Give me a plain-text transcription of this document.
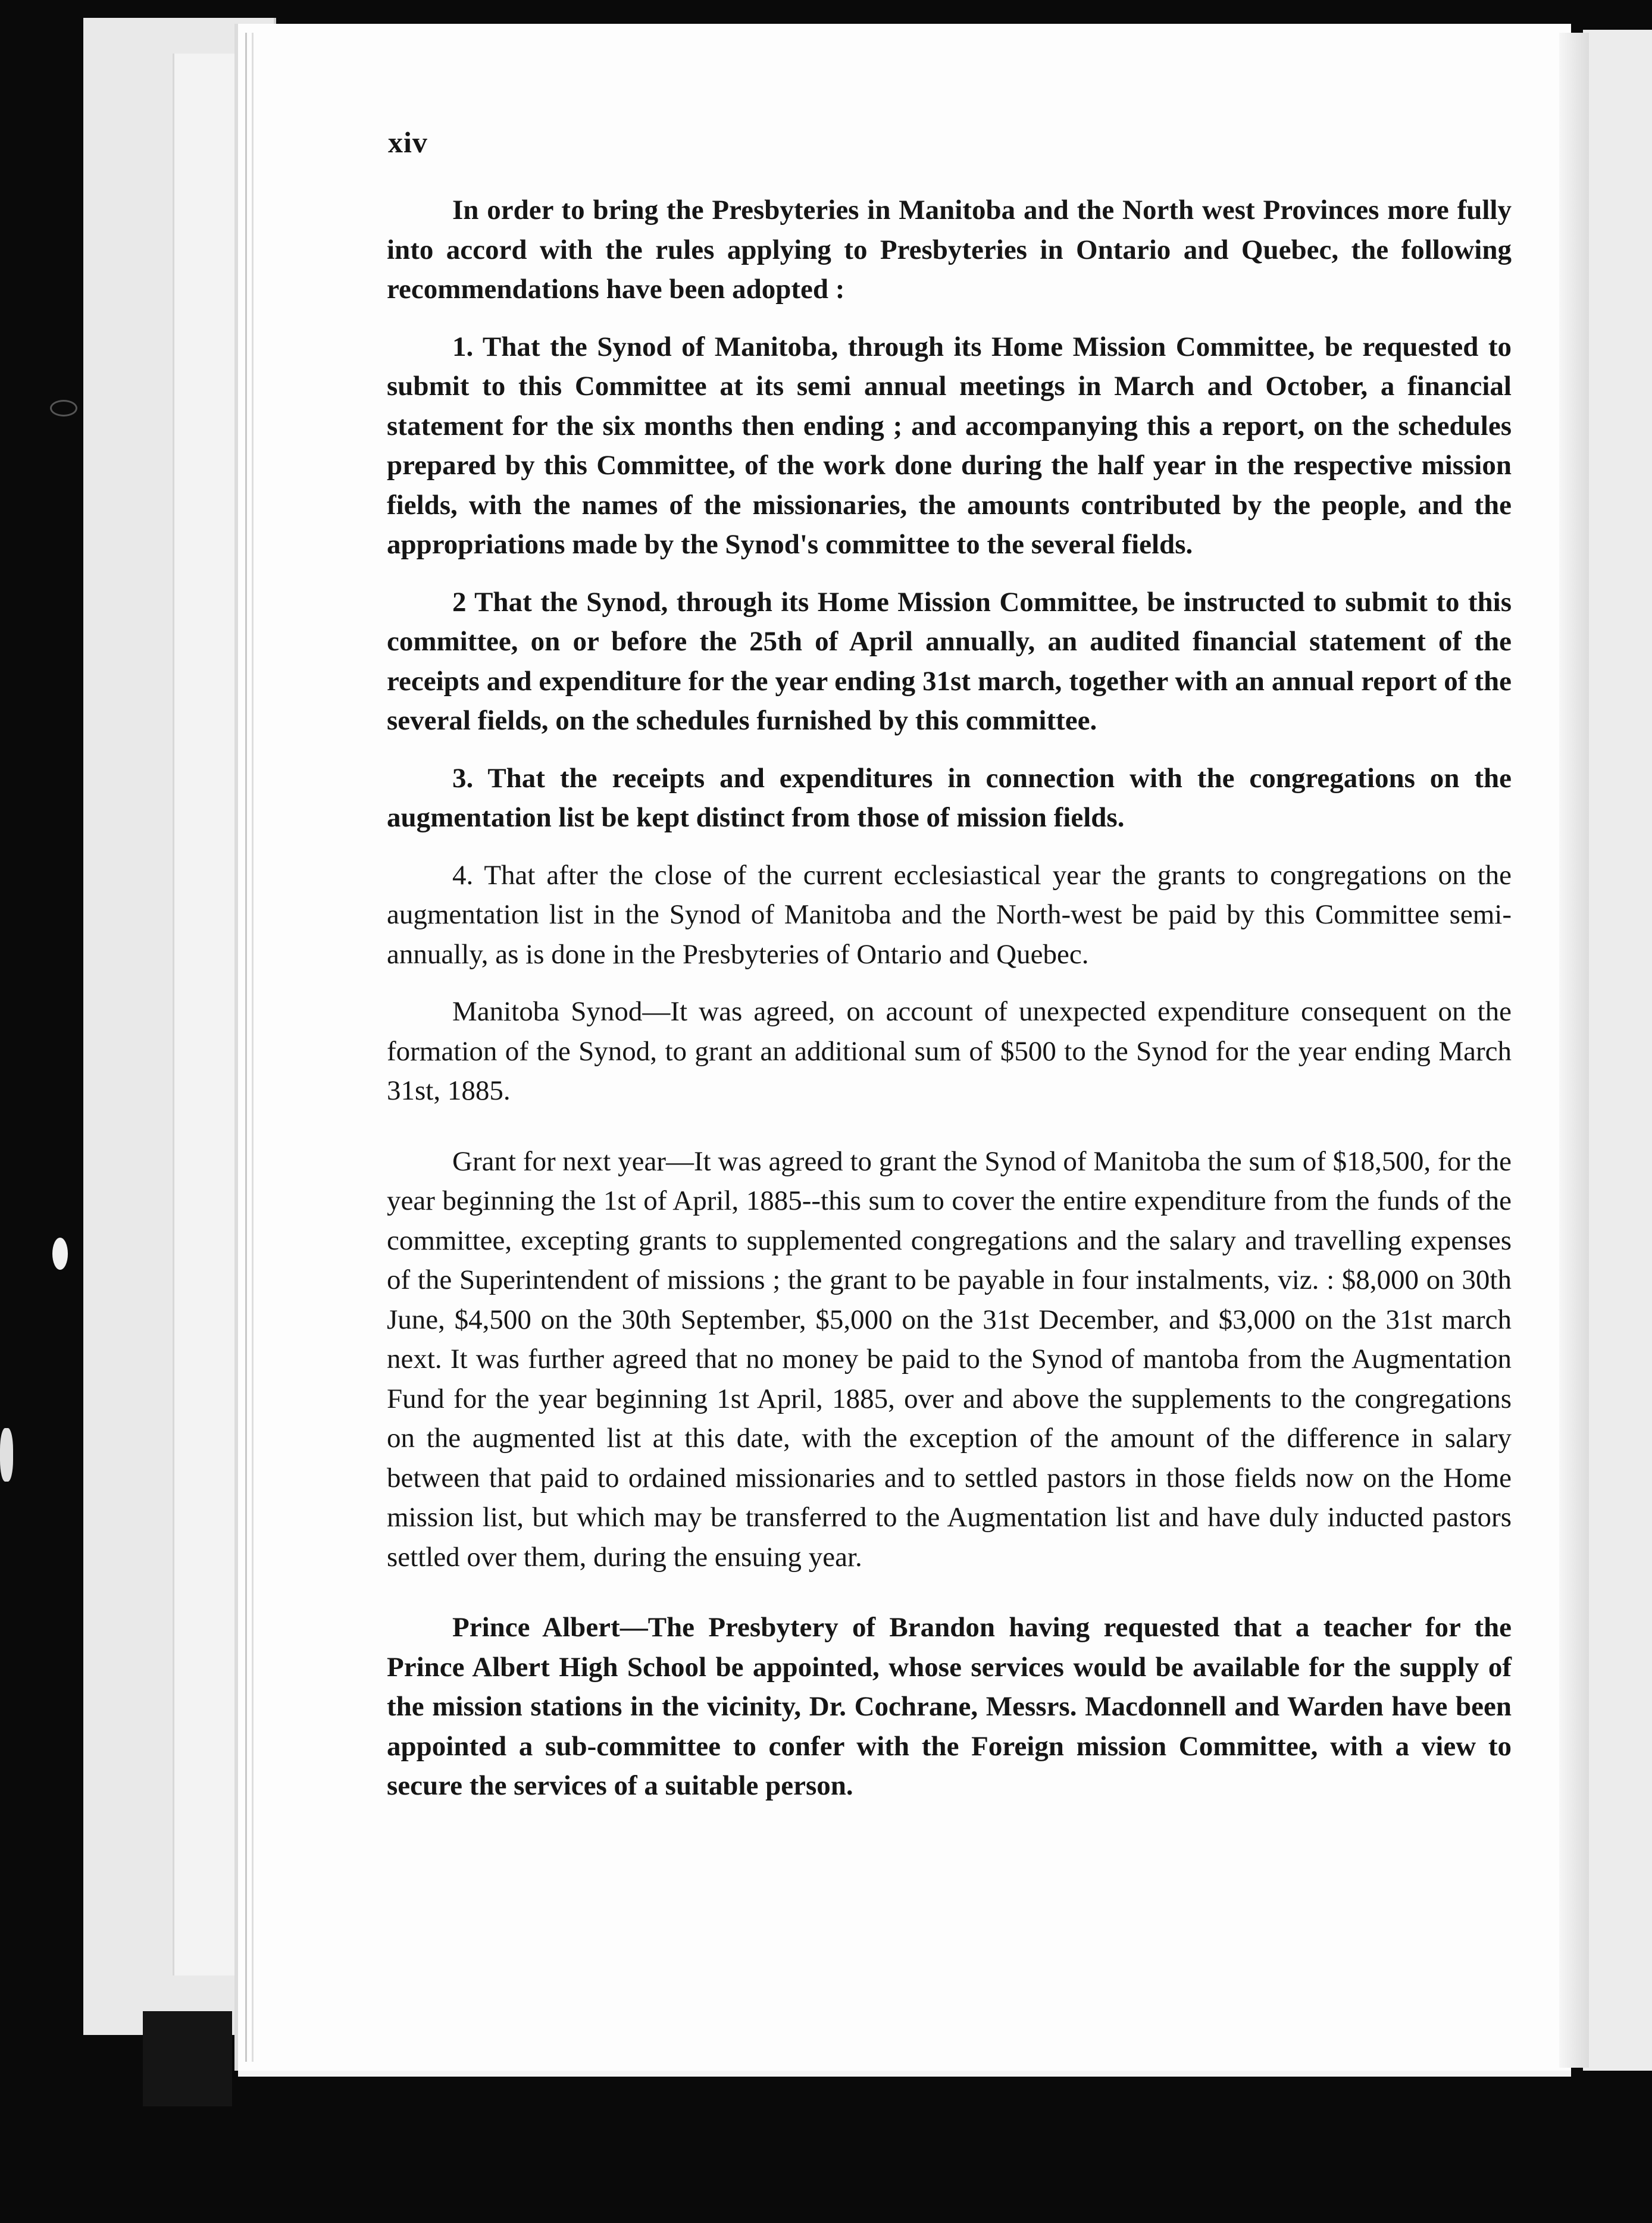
xiv

In order to bring the Presbyteries in Manitoba and the North west Provinces more fully into accord with the rules applying to Presbyteries in Ontario and Quebec, the following recommendations have been adopted :

1. That the Synod of Manitoba, through its Home Mission Committee, be requested to submit to this Committee at its semi annual meetings in March and October, a financial statement for the six months then ending ; and accompanying this a report, on the schedules prepared by this Committee, of the work done during the half year in the respective mission fields, with the names of the missionaries, the amounts contributed by the people, and the appropriations made by the Synod's committee to the several fields.

2 That the Synod, through its Home Mission Committee, be instructed to submit to this committee, on or before the 25th of April annually, an audited financial statement of the receipts and expenditure for the year ending 31st march, together with an annual report of the several fields, on the schedules furnished by this committee.

3. That the receipts and expenditures in connection with the congregations on the augmentation list be kept distinct from those of mission fields.

4. That after the close of the current ecclesiastical year the grants to congregations on the augmentation list in the Synod of Manitoba and the North-west be paid by this Committee semi-annually, as is done in the Presbyteries of Ontario and Quebec.

Manitoba Synod—It was agreed, on account of unexpected expenditure consequent on the formation of the Synod, to grant an additional sum of $500 to the Synod for the year ending March 31st, 1885.

Grant for next year—It was agreed to grant the Synod of Manitoba the sum of $18,500, for the year beginning the 1st of April, 1885--this sum to cover the entire expenditure from the funds of the committee, excepting grants to supplemented congregations and the salary and travelling expenses of the Superintendent of missions ; the grant to be payable in four instalments, viz. : $8,000 on 30th June, $4,500 on the 30th September, $5,000 on the 31st December, and $3,000 on the 31st march next. It was further agreed that no money be paid to the Synod of mantoba from the Augmentation Fund for the year beginning 1st April, 1885, over and above the supplements to the congregations on the augmented list at this date, with the exception of the amount of the difference in salary between that paid to ordained missionaries and to settled pastors in those fields now on the Home mission list, but which may be transferred to the Augmentation list and have duly inducted pastors settled over them, during the ensuing year.

Prince Albert—The Presbytery of Brandon having requested that a teacher for the Prince Albert High School be appointed, whose services would be available for the supply of the mission stations in the vicinity, Dr. Cochrane, Messrs. Macdonnell and Warden have been appointed a sub-committee to confer with the Foreign mission Committee, with a view to secure the services of a suitable person.
